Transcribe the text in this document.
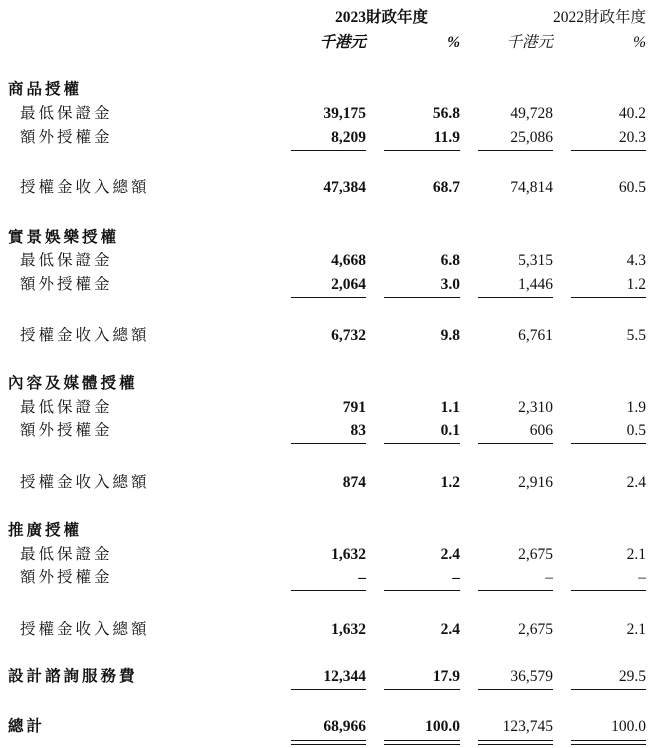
2023財政年度	2022財政年度
千港元	%	千港元	%
商品授權
最低保證金	39,175	56.8	49,728	40.2
額外授權金	8,209	11.9	25,086	20.3
授權金收入總額	47,384	68.7	74,814	60.5
實景娛樂授權
最低保證金	4,668	6.8	5,315	4.3
額外授權金	2,064	3.0	1,446	1.2
授權金收入總額	6,732	9.8	6,761	5.5
內容及媒體授權
最低保證金	791	1.1	2,310	1.9
額外授權金	83	0.1	606	0.5
授權金收入總額	874	1.2	2,916	2.4
推廣授權
最低保證金	1,632	2.4	2,675	2.1
額外授權金	–	–	–	–
授權金收入總額	1,632	2.4	2,675	2.1
設計諮詢服務費	12,344	17.9	36,579	29.5
總計	68,966	100.0	123,745	100.0
